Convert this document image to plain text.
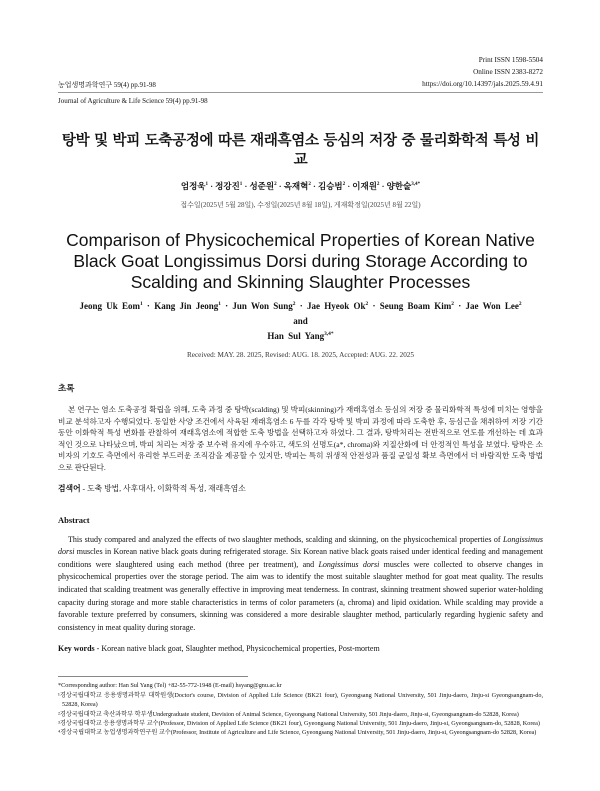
Print ISSN 1598-5504
Online ISSN 2383-8272
https://doi.org/10.14397/jals.2025.59.4.91
농업생명과학연구 59(4) pp.91-98
Journal of Agriculture & Life Science 59(4) pp.91-98
탕박 및 박피 도축공정에 따른 재래흑염소 등심의 저장 중 물리화학적 특성 비교
엄정욱$^1$ · 정강진$^1$ · 성준원$^2$ · 옥재혁$^2$ · 김승범$^2$ · 이재원$^2$ · 양한술$^{3,4*}$
접수일(2025년 5월 28일), 수정일(2025년 8월 18일), 게재확정일(2025년 8월 22일)
Comparison of Physicochemical Properties of Korean Native Black Goat Longissimus Dorsi during Storage According to Scalding and Skinning Slaughter Processes
Jeong Uk Eom$^1$ · Kang Jin Jeong$^1$ · Jun Won Sung$^2$ · Jae Hyeok $Ok^2$ · Seung Boam Kim$^2$ · Jae Won Lee$^2$ and
Han Sul Yang$^{3,4*}$
Received: MAY. 28. 2025, Revised: AUG. 18. 2025, Accepted: AUG. 22. 2025
초록
본 연구는 염소 도축공정 확립을 위해, 도축 과정 중 탕박(scalding) 및 박피(skinning)가 재래흑염소 등심의 저장 중 물리화학적 특성에 미치는 영향을 비교 분석하고자 수행되었다. 동일한 사양 조건에서 사육된 재래흑염소 6 두를 각각 탕박 및 박피 과정에 따라 도축한 후, 등심근을 채취하여 저장 기간 동안 이화학적 특성 변화를 관찰하여 재래흑염소에 적합한 도축 방법을 선택하고자 하였다. 그 결과, 탕박처리는 전반적으로 연도를 개선하는 데 효과적인 것으로 나타났으며, 박피 처리는 저장 중 보수력 유지에 우수하고, 색도의 선명도(a*, chroma)와 지질산화에 더 안정적인 특성을 보였다. 탕박은 소비자의 기호도 측면에서 유리한 부드러운 조직감을 제공할 수 있지만, 박피는 특히 위생적 안전성과 품질 균일성 확보 측면에서 더 바람직한 도축 방법으로 판단된다.
검색어 - 도축 방법, 사후대사, 이화학적 특성, 재래흑염소
Abstract
This study compared and analyzed the effects of two slaughter methods, scalding and skinning, on the physicochemical properties of Longissimus dorsi muscles in Korean native black goats during refrigerated storage. Six Korean native black goats raised under identical feeding and management conditions were slaughtered using each method (three per treatment), and Longissimus dorsi muscles were collected to observe changes in physicochemical properties over the storage period. The aim was to identify the most suitable slaughter method for goat meat quality. The results indicated that scalding treatment was generally effective in improving meat tenderness. In contrast, skinning treatment showed superior water-holding capacity during storage and more stable characteristics in terms of color parameters (a, chroma) and lipid oxidation. While scalding may provide a favorable texture preferred by consumers, skinning was considered a more desirable slaughter method, particularly regarding hygienic safety and consistency in meat quality during storage.
Key words - Korean native black goat, Slaughter method, Physicochemical properties, Post-mortem
*Corresponding author: Han Sul Yang (Tel) +82-55-772-1948 (E-mail) hsyang@gnu.ac.kr
¹경상국립대학교 응용생명과학부 대학원생(Doctor's course, Division of Applied Life Science (BK21 four), Gyeongsang National University, 501 Jinju-daero, Jinju-si Gyeongsangnam-do, 52828, Korea)
²경상국립대학교 축산과학부 학부생Undergraduate student, Devision of Animal Science, Gyeongsang National University, 501 Jinju-daero, Jinju-si, Gyeongsangnam-do 52828, Korea)
³경상국립대학교 응용생명과학부 교수(Professor, Division of Applied Life Science (BK21 four), Gyeongsang National University, 501 Jinju-daero, Jinju-si, Gyeongsangnam-do, 52828, Korea)
⁴경상국립대학교 농업생명과학연구원 교수(Professor, Institute of Agriculture and Life Science, Gyeongsang National University, 501 Jinju-daero, Jinju-si, Gyeongsangnam-do 52828, Korea)
